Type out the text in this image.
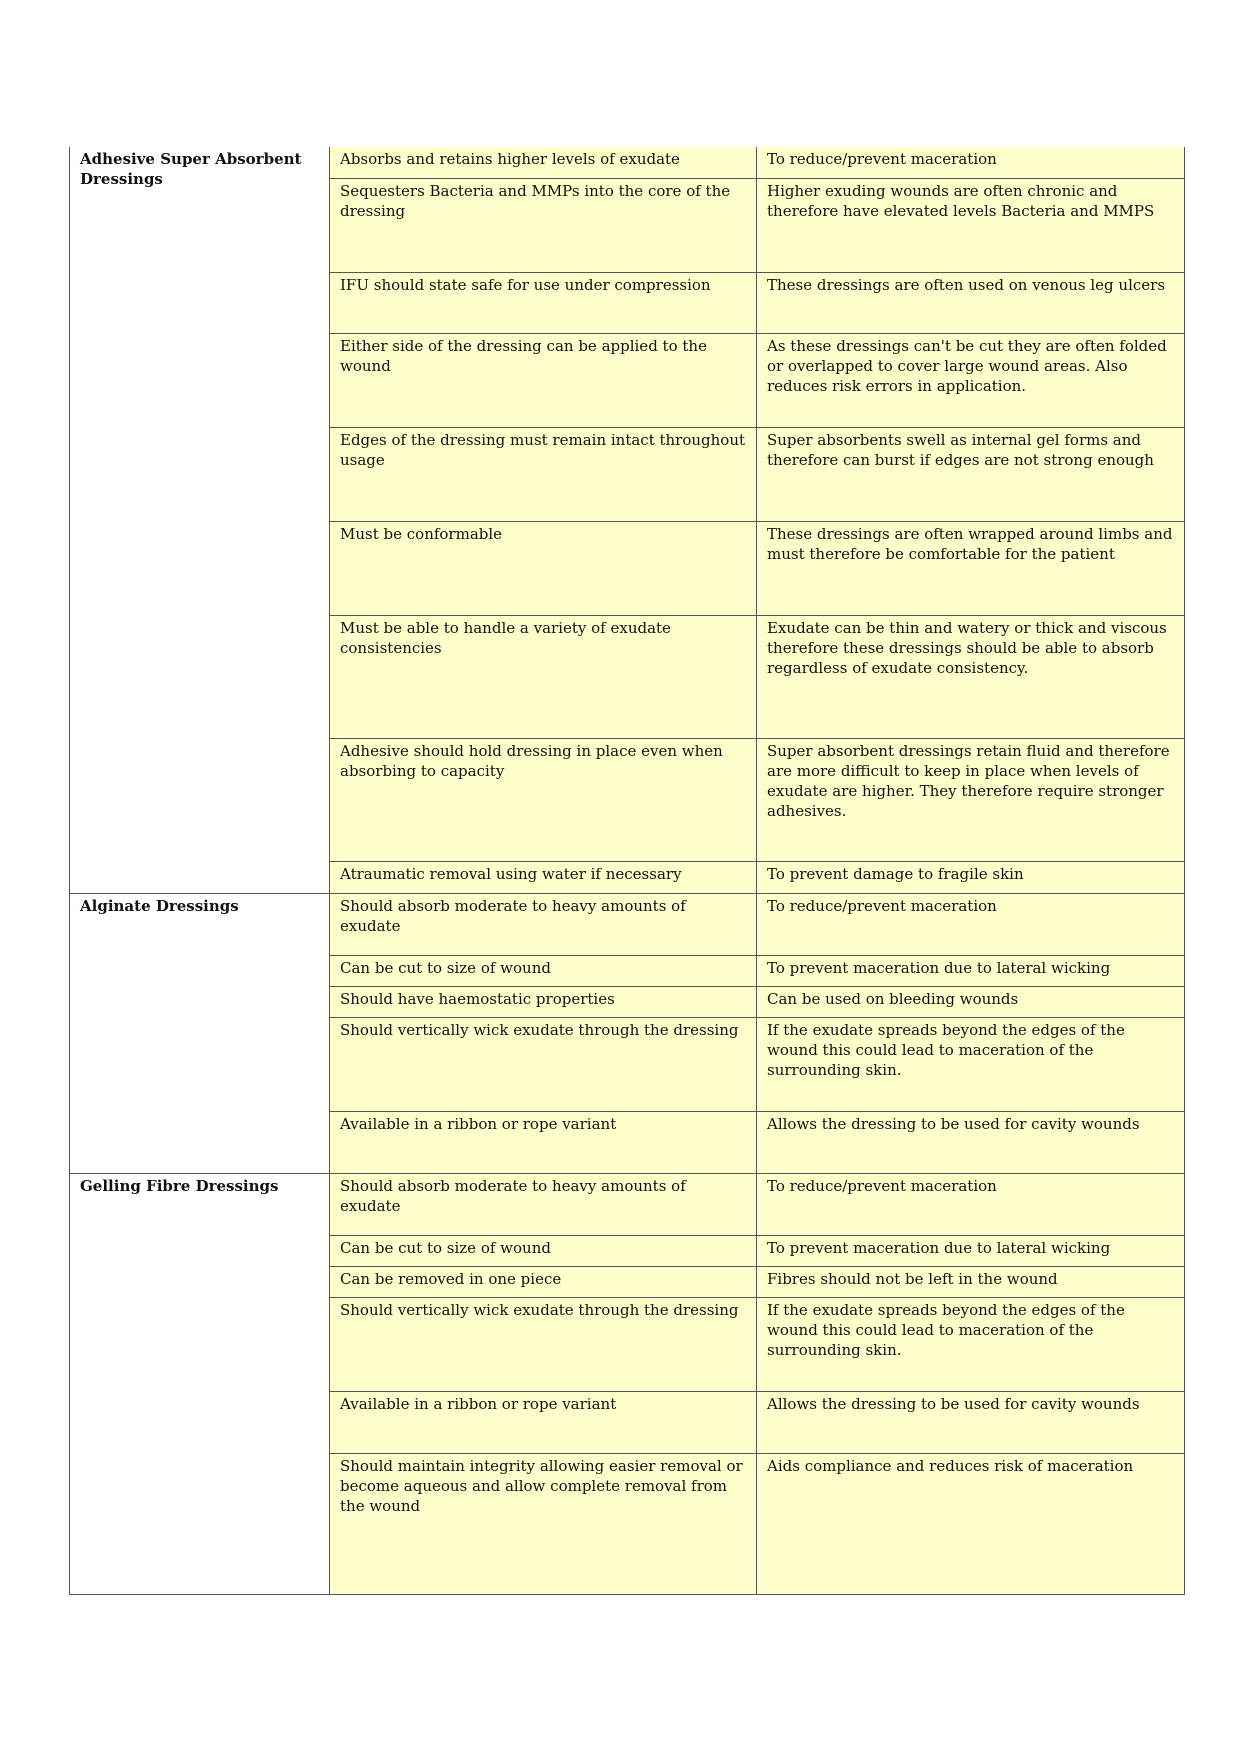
Adhesive Super Absorbent Dressings	Absorbs and retains higher levels of exudate	To reduce/prevent maceration
	Sequesters Bacteria and MMPs into the core of the dressing	Higher exuding wounds are often chronic and therefore have elevated levels Bacteria and MMPS
	IFU should state safe for use under compression	These dressings are often used on venous leg ulcers
	Either side of the dressing can be applied to the wound	As these dressings can't be cut they are often folded or overlapped to cover large wound areas. Also reduces risk errors in application.
	Edges of the dressing must remain intact throughout usage	Super absorbents swell as internal gel forms and therefore can burst if edges are not strong enough
	Must be conformable	These dressings are often wrapped around limbs and must therefore be comfortable for the patient
	Must be able to handle a variety of exudate consistencies	Exudate can be thin and watery or thick and viscous therefore these dressings should be able to absorb regardless of exudate consistency.
	Adhesive should hold dressing in place even when absorbing to capacity	Super absorbent dressings retain fluid and therefore are more difficult to keep in place when levels of exudate are higher. They therefore require stronger adhesives.
	Atraumatic removal using water if necessary	To prevent damage to fragile skin
Alginate Dressings	Should absorb moderate to heavy amounts of exudate	To reduce/prevent maceration
	Can be cut to size of wound	To prevent maceration due to lateral wicking
	Should have haemostatic properties	Can be used on bleeding wounds
	Should vertically wick exudate through the dressing	If the exudate spreads beyond the edges of the wound this could lead to maceration of the surrounding skin.
	Available in a ribbon or rope variant	Allows the dressing to be used for cavity wounds
Gelling Fibre Dressings	Should absorb moderate to heavy amounts of exudate	To reduce/prevent maceration
	Can be cut to size of wound	To prevent maceration due to lateral wicking
	Can be removed in one piece	Fibres should not be left in the wound
	Should vertically wick exudate through the dressing	If the exudate spreads beyond the edges of the wound this could lead to maceration of the surrounding skin.
	Available in a ribbon or rope variant	Allows the dressing to be used for cavity wounds
	Should maintain integrity allowing easier removal or become aqueous and allow complete removal from the wound	Aids compliance and reduces risk of maceration
